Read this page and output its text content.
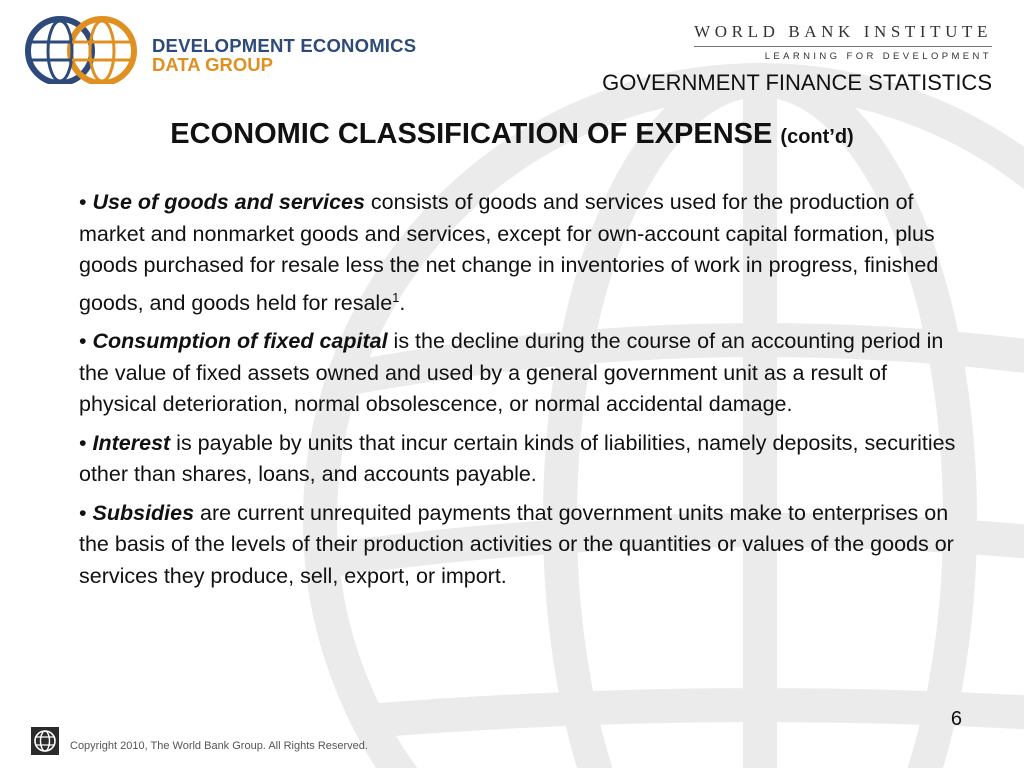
DEVELOPMENT ECONOMICS
DATA GROUP
WORLD BANK INSTITUTE
LEARNING FOR DEVELOPMENT
GOVERNMENT FINANCE STATISTICS
ECONOMIC CLASSIFICATION OF EXPENSE (cont’d)
• Use of goods and services consists of goods and services used for the production of market and nonmarket goods and services, except for own-account capital formation, plus goods purchased for resale less the net change in inventories of work in progress, finished goods, and goods held for resale$^1$.
• Consumption of fixed capital is the decline during the course of an accounting period in the value of fixed assets owned and used by a general government unit as a result of physical deterioration, normal obsolescence, or normal accidental damage.
• Interest is payable by units that incur certain kinds of liabilities, namely deposits, securities other than shares, loans, and accounts payable.
• Subsidies are current unrequited payments that government units make to enterprises on the basis of the levels of their production activities or the quantities or values of the goods or services they produce, sell, export, or import.
6
Copyright 2010, The World Bank Group. All Rights Reserved.
